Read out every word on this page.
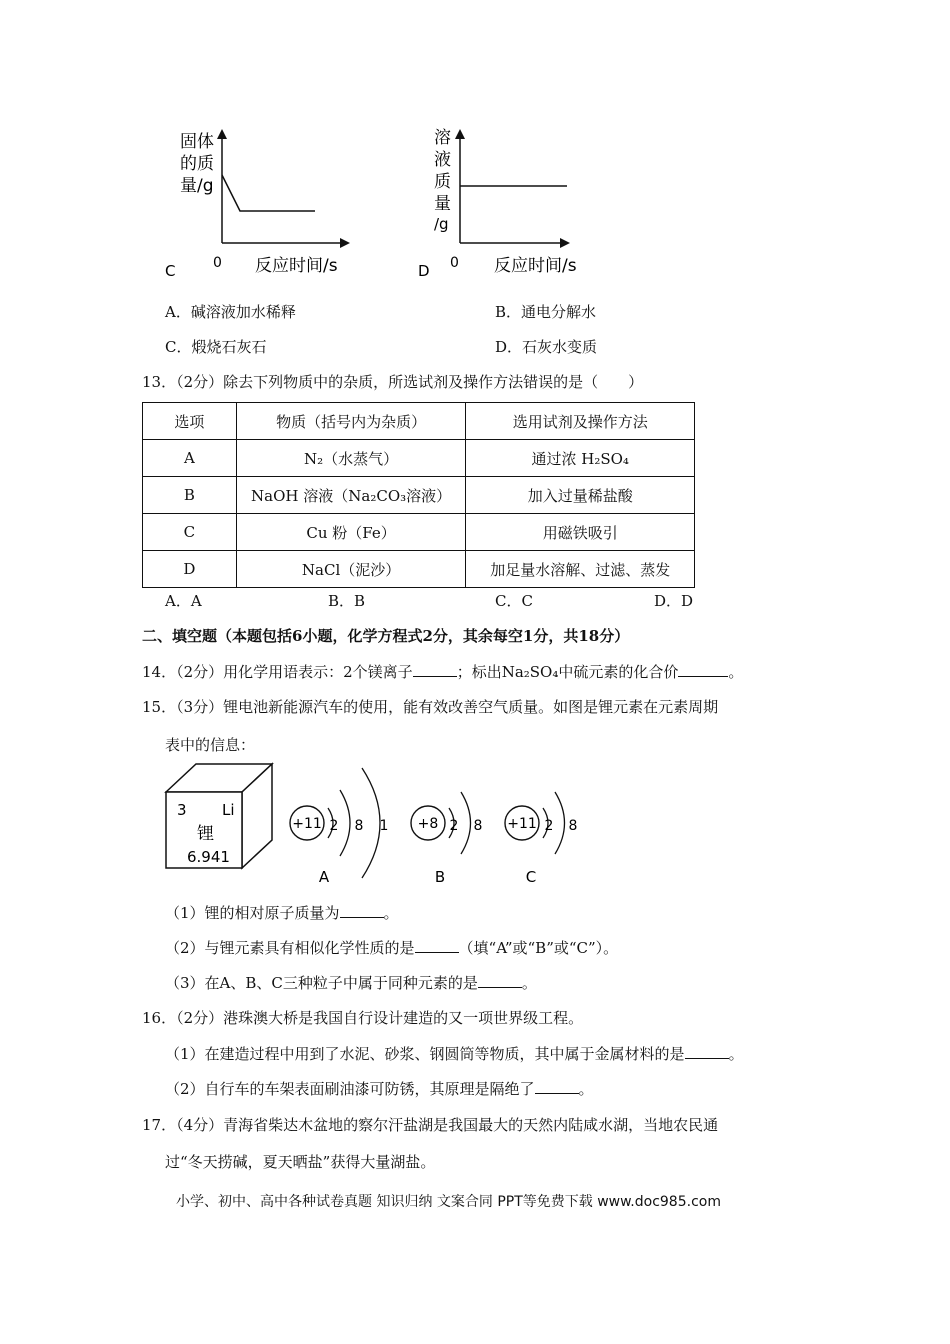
固体
的质
量/g
0 反应时间/s
C
溶
液
质
量
/g
0 反应时间/s
D
A．碱溶液加水稀释	B．通电分解水
C．煅烧石灰石	D．石灰水变质
13．（2分）除去下列物质中的杂质，所选试剂及操作方法错误的是（　　）
选项	物质（括号内为杂质）	选用试剂及操作方法
A	N₂（水蒸气）	通过浓 H₂SO₄
B	NaOH 溶液（Na₂CO₃溶液）	加入过量稀盐酸
C	Cu 粉（Fe）	用磁铁吸引
D	NaCl（泥沙）	加足量水溶解、过滤、蒸发
A．A	B．B	C．C	D．D
二、填空题（本题包括6小题，化学方程式2分，其余每空1分，共18分）
14．（2分）用化学用语表示：2个镁离子	；标出Na₂SO₄中硫元素的化合价	。
15．（3分）锂电池新能源汽车的使用，能有效改善空气质量。如图是锂元素在元素周期
表中的信息：
3 Li
锂
6.941
+11 2 8 1
A
+8 2 8
B
+11 2 8
C
（1）锂的相对原子质量为	。
（2）与锂元素具有相似化学性质的是	（填“A”或“B”或“C”）。
（3）在A、B、C三种粒子中属于同种元素的是	。
16．（2分）港珠澳大桥是我国自行设计建造的又一项世界级工程。
（1）在建造过程中用到了水泥、砂浆、钢圆筒等物质，其中属于金属材料的是	。
（2）自行车的车架表面刷油漆可防锈，其原理是隔绝了	。
17．（4分）青海省柴达木盆地的察尔汗盐湖是我国最大的天然内陆咸水湖，当地农民通
过“冬天捞碱，夏天晒盐”获得大量湖盐。
小学、初中、高中各种试卷真题 知识归纳 文案合同 PPT等免费下载 www.doc985.com
